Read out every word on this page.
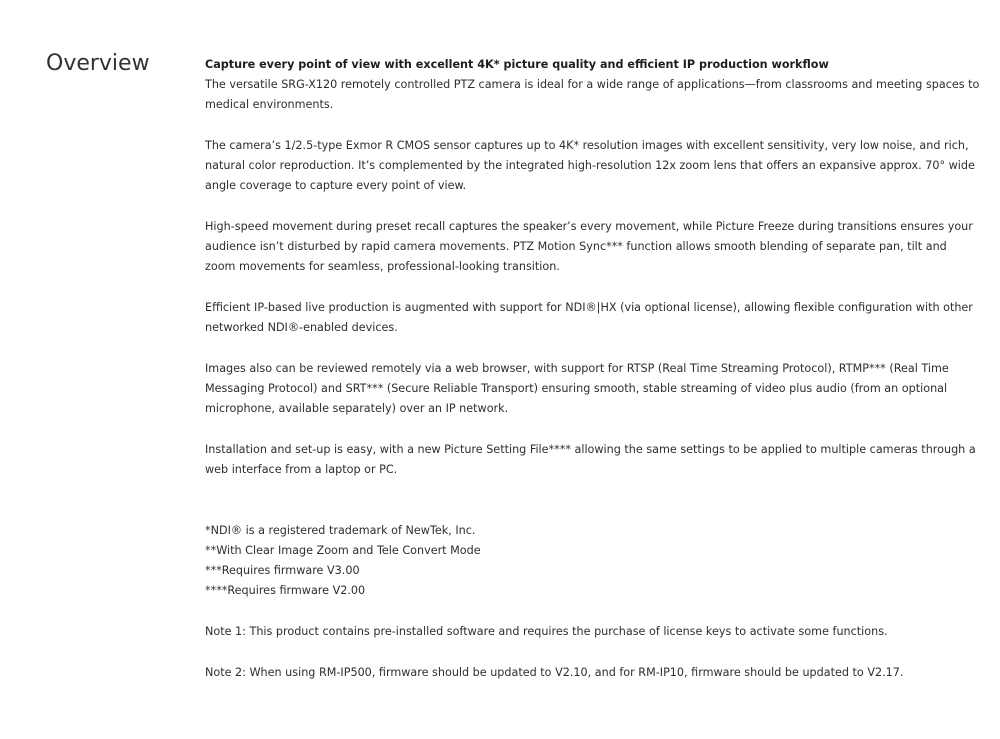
Overview	Capture every point of view with excellent 4K* picture quality and efficient IP production workflow
The versatile SRG-X120 remotely controlled PTZ camera is ideal for a wide range of applications—from classrooms and meeting spaces to medical environments.

The camera’s 1/2.5-type Exmor R CMOS sensor captures up to 4K* resolution images with excellent sensitivity, very low noise, and rich, natural color reproduction. It’s complemented by the integrated high-resolution 12x zoom lens that offers an expansive approx. 70° wide angle coverage to capture every point of view.

High-speed movement during preset recall captures the speaker’s every movement, while Picture Freeze during transitions ensures your audience isn’t disturbed by rapid camera movements. PTZ Motion Sync*** function allows smooth blending of separate pan, tilt and zoom movements for seamless, professional-looking transition.

Efficient IP-based live production is augmented with support for NDI®|HX (via optional license), allowing flexible configuration with other networked NDI®-enabled devices.

Images also can be reviewed remotely via a web browser, with support for RTSP (Real Time Streaming Protocol), RTMP*** (Real Time Messaging Protocol) and SRT*** (Secure Reliable Transport) ensuring smooth, stable streaming of video plus audio (from an optional microphone, available separately) over an IP network.

Installation and set-up is easy, with a new Picture Setting File**** allowing the same settings to be applied to multiple cameras through a web interface from a laptop or PC.

*NDI® is a registered trademark of NewTek, Inc.
**With Clear Image Zoom and Tele Convert Mode
***Requires firmware V3.00
****Requires firmware V2.00

Note 1: This product contains pre-installed software and requires the purchase of license keys to activate some functions.

Note 2: When using RM-IP500, firmware should be updated to V2.10, and for RM-IP10, firmware should be updated to V2.17.
